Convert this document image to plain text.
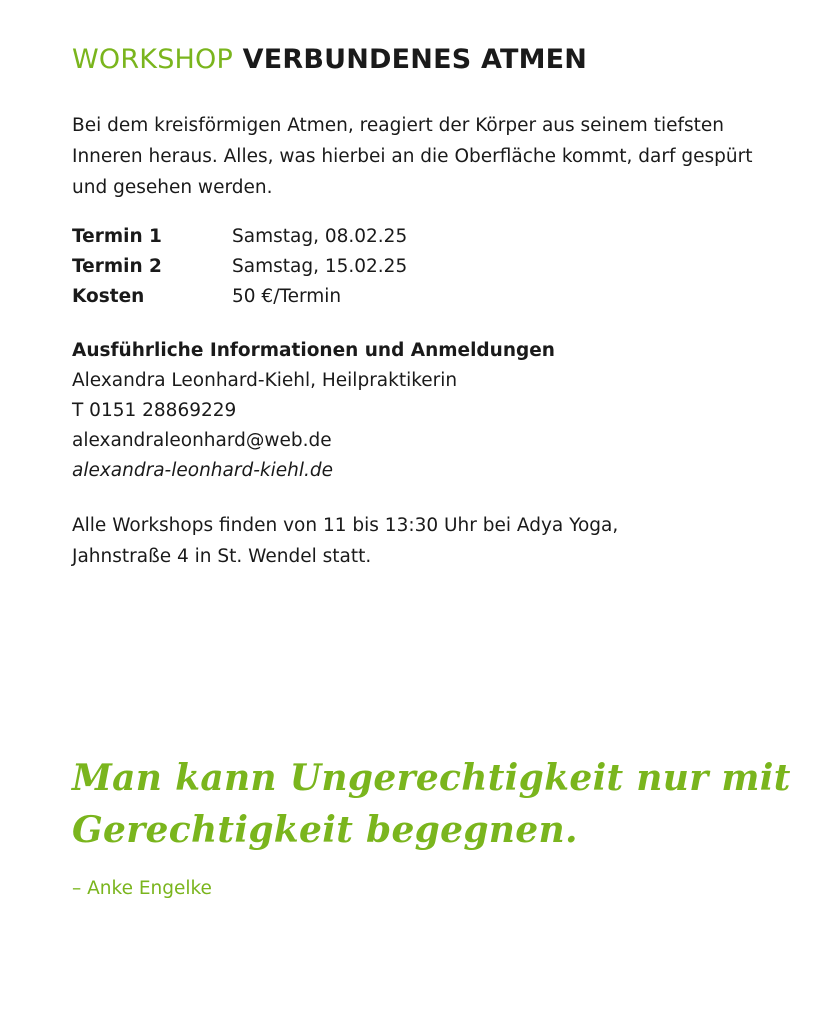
WORKSHOP VERBUNDENES ATMEN

Bei dem kreisförmigen Atmen, reagiert der Körper aus seinem tiefsten
Inneren heraus. Alles, was hierbei an die Oberfläche kommt, darf gespürt
und gesehen werden.

Termin 1	Samstag, 08.02.25
Termin 2	Samstag, 15.02.25
Kosten	50 €/Termin
Ausführliche Informationen und Anmeldungen
Alexandra Leonhard-Kiehl, Heilpraktikerin
T 0151 28869229
alexandraleonhard@web.de
alexandra-leonhard-kiehl.de
Alle Workshops finden von 11 bis 13:30 Uhr bei Adya Yoga,
Jahnstraße 4 in St. Wendel statt.

Man kann Ungerechtigkeit nur mit
Gerechtigkeit begegnen.

– Anke Engelke
